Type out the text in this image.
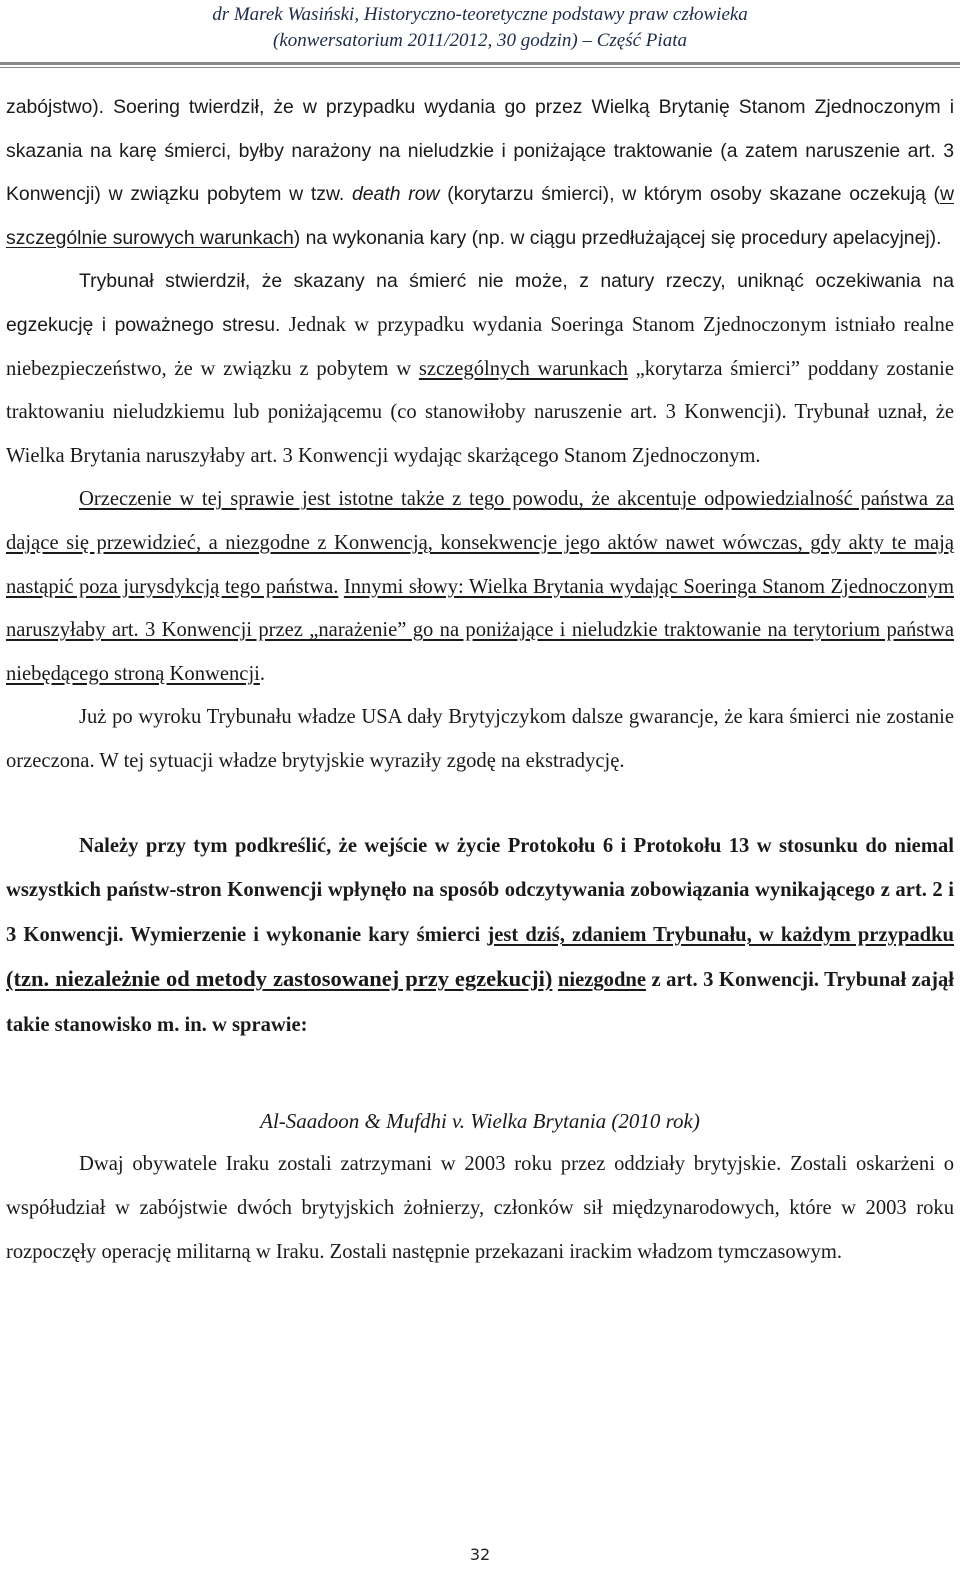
dr Marek Wasiński, Historyczno-teoretyczne podstawy praw człowieka
(konwersatorium 2011/2012, 30 godzin) – Część Piata

zabójstwo). Soering twierdził, że w przypadku wydania go przez Wielką Brytanię Stanom Zjednoczonym i skazania na karę śmierci, byłby narażony na nieludzkie i poniżające traktowanie (a zatem naruszenie art. 3 Konwencji) w związku pobytem w tzw. death row (korytarzu śmierci), w którym osoby skazane oczekują (w szczególnie surowych warunkach) na wykonania kary (np. w ciągu przedłużającej się procedury apelacyjnej).

Trybunał stwierdził, że skazany na śmierć nie może, z natury rzeczy, uniknąć oczekiwania na egzekucję i poważnego stresu. Jednak w przypadku wydania Soeringa Stanom Zjednoczonym istniało realne niebezpieczeństwo, że w związku z pobytem w szczególnych warunkach „korytarza śmierci” poddany zostanie traktowaniu nieludzkiemu lub poniżającemu (co stanowiłoby naruszenie art. 3 Konwencji). Trybunał uznał, że Wielka Brytania naruszyłaby art. 3 Konwencji wydając skarżącego Stanom Zjednoczonym.

Orzeczenie w tej sprawie jest istotne także z tego powodu, że akcentuje odpowiedzialność państwa za dające się przewidzieć, a niezgodne z Konwencją, konsekwencje jego aktów nawet wówczas, gdy akty te mają nastąpić poza jurysdykcją tego państwa. Innymi słowy: Wielka Brytania wydając Soeringa Stanom Zjednoczonym naruszyłaby art. 3 Konwencji przez „narażenie” go na poniżające i nieludzkie traktowanie na terytorium państwa niebędącego stroną Konwencji.

Już po wyroku Trybunału władze USA dały Brytyjczykom dalsze gwarancje, że kara śmierci nie zostanie orzeczona. W tej sytuacji władze brytyjskie wyraziły zgodę na ekstradycję.

Należy przy tym podkreślić, że wejście w życie Protokołu 6 i Protokołu 13 w stosunku do niemal wszystkich państw-stron Konwencji wpłynęło na sposób odczytywania zobowiązania wynikającego z art. 2 i 3 Konwencji. Wymierzenie i wykonanie kary śmierci jest dziś, zdaniem Trybunału, w każdym przypadku (tzn. niezależnie od metody zastosowanej przy egzekucji) niezgodne z art. 3 Konwencji. Trybunał zajął takie stanowisko m. in. w sprawie:

Al-Saadoon & Mufdhi v. Wielka Brytania (2010 rok)

Dwaj obywatele Iraku zostali zatrzymani w 2003 roku przez oddziały brytyjskie. Zostali oskarżeni o współudział w zabójstwie dwóch brytyjskich żołnierzy, członków sił międzynarodowych, które w 2003 roku rozpoczęły operację militarną w Iraku. Zostali następnie przekazani irackim władzom tymczasowym.

32
